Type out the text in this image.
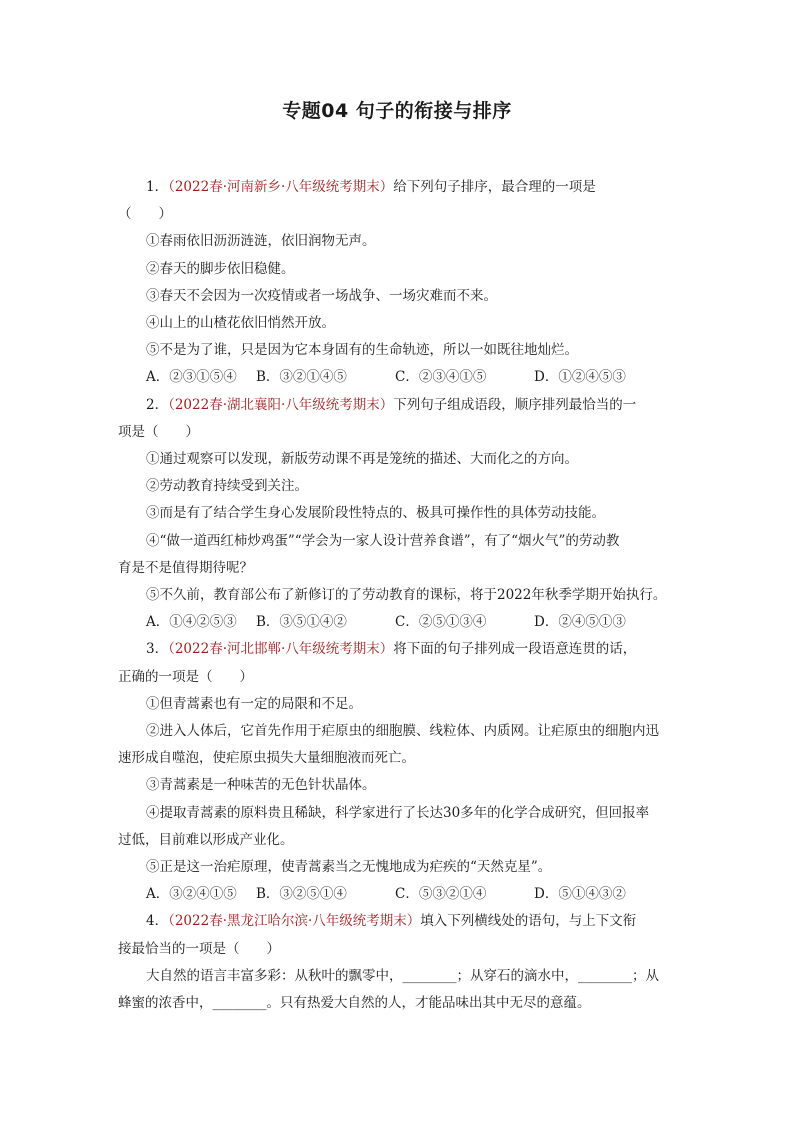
专题04 句子的衔接与排序

1．（2022春·河南新乡·八年级统考期末）给下列句子排序，最合理的一项是

（　　）

①春雨依旧沥沥涟涟，依旧润物无声。

②春天的脚步依旧稳健。

③春天不会因为一次疫情或者一场战争、一场灾难而不来。

④山上的山楂花依旧悄然开放。

⑤不是为了谁，只是因为它本身固有的生命轨迹，所以一如既往地灿烂。

A．②③①⑤④	B．③②①④⑤	C．②③④①⑤	D．①②④⑤③

2．（2022春·湖北襄阳·八年级统考期末）下列句子组成语段，顺序排列最恰当的一

项是（　　）

①通过观察可以发现，新版劳动课不再是笼统的描述、大而化之的方向。

②劳动教育持续受到关注。

③而是有了结合学生身心发展阶段性特点的、极具可操作性的具体劳动技能。

④“做一道西红柿炒鸡蛋”“学会为一家人设计营养食谱”，有了“烟火气”的劳动教

育是不是值得期待呢？

⑤不久前，教育部公布了新修订的了劳动教育的课标，将于2022年秋季学期开始执行。

A．①④②⑤③	B．③⑤①④②	C．②⑤①③④	D．②④⑤①③

3．（2022春·河北邯郸·八年级统考期末）将下面的句子排列成一段语意连贯的话，

正确的一项是（　　）

①但青蒿素也有一定的局限和不足。

②进入人体后，它首先作用于疟原虫的细胞膜、线粒体、内质网。让疟原虫的细胞内迅

速形成自噬泡，使疟原虫损失大量细胞液而死亡。

③青蒿素是一种味苦的无色针状晶体。

④提取青蒿素的原料贵且稀缺，科学家进行了长达30多年的化学合成研究，但回报率

过低，目前难以形成产业化。

⑤正是这一治疟原理，使青蒿素当之无愧地成为疟疾的“天然克星”。

A．③②④①⑤	B．③②⑤①④	C．⑤③②①④	D．⑤①④③②

4．（2022春·黑龙江哈尔滨·八年级统考期末）填入下列横线处的语句，与上下文衔

接最恰当的一项是（　　）

大自然的语言丰富多彩：从秋叶的飘零中，________；从穿石的滴水中，________；从

蜂蜜的浓香中，________。只有热爱大自然的人，才能品味出其中无尽的意蕴。
